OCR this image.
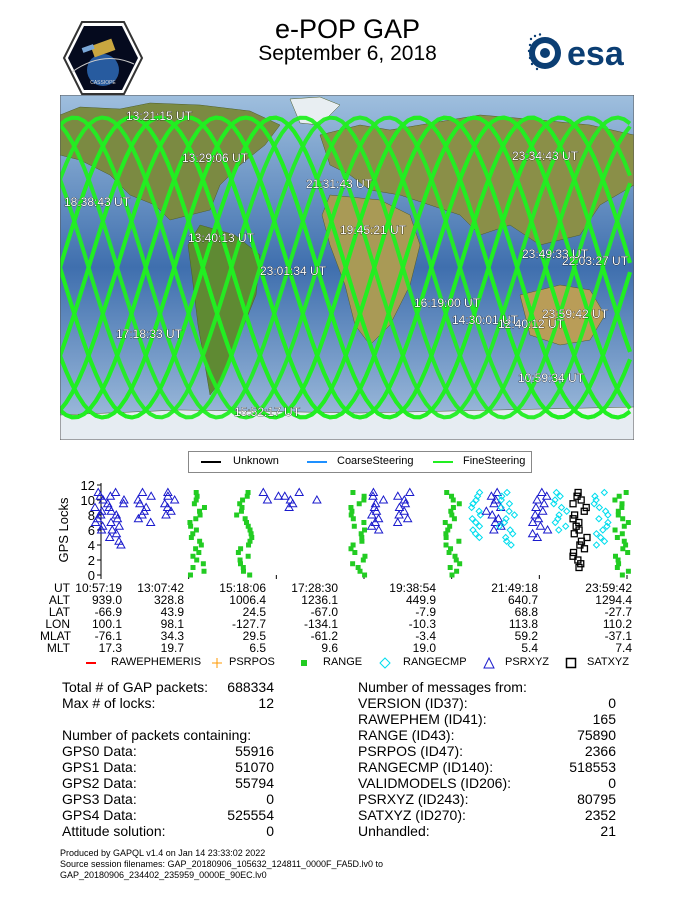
e-POP GAP
September 6, 2018
CASSIOPE
esa
13:21:15 UT
13:29:06 UT
21:31:43 UT
23:34:43 UT
18:38:43 UT
13:40:13 UT
19:45:21 UT
23:49:33 UT
22:03:27 UT
23:01:34 UT
16:19:00 UT
14:30:01 UT
12:40:12 UT
23:59:42 UT
17:18:33 UT
10:59:34 UT
15:52:17 UT
Unknown	CoarseSteering	FineSteering
GPS Locks
0
2
4
6
8
10
12
UT 10:57:19	13:07:42	15:18:06	17:28:30	19:38:54	21:49:18	23:59:42
ALT	939.0	328.8	1006.4	1236.1	449.9	640.7	1294.4
LAT	-66.9	43.9	24.5	-67.0	-7.9	68.8	-27.7
LON	100.1	98.1	-127.7	-134.1	-10.3	113.8	110.2
MLAT	-76.1	34.3	29.5	-61.2	-3.4	59.2	-37.1
MLT	17.3	19.7	6.5	9.6	19.0	5.4	7.4
RAWEPHEMERIS	PSRPOS	RANGE	RANGECMP	PSRXYZ	SATXYZ
Total # of GAP packets:	688334
Max # of locks:	12
Number of packets containing:
GPS0 Data:	55916
GPS1 Data:	51070
GPS2 Data:	55794
GPS3 Data:	0
GPS4 Data:	525554
Attitude solution:	0
Number of messages from:
VERSION (ID37):	0
RAWEPHEM (ID41):	165
RANGE (ID43):	75890
PSRPOS (ID47):	2366
RANGECMP (ID140):	518553
VALIDMODELS (ID206):	0
PSRXYZ (ID243):	80795
SATXYZ (ID270):	2352
Unhandled:	21
Produced by GAPQL v1.4 on Jan 14 23:33:02 2022
Source session filenames: GAP_20180906_105632_124811_0000F_FA5D.lv0 to
GAP_20180906_234402_235959_0000E_90EC.lv0
